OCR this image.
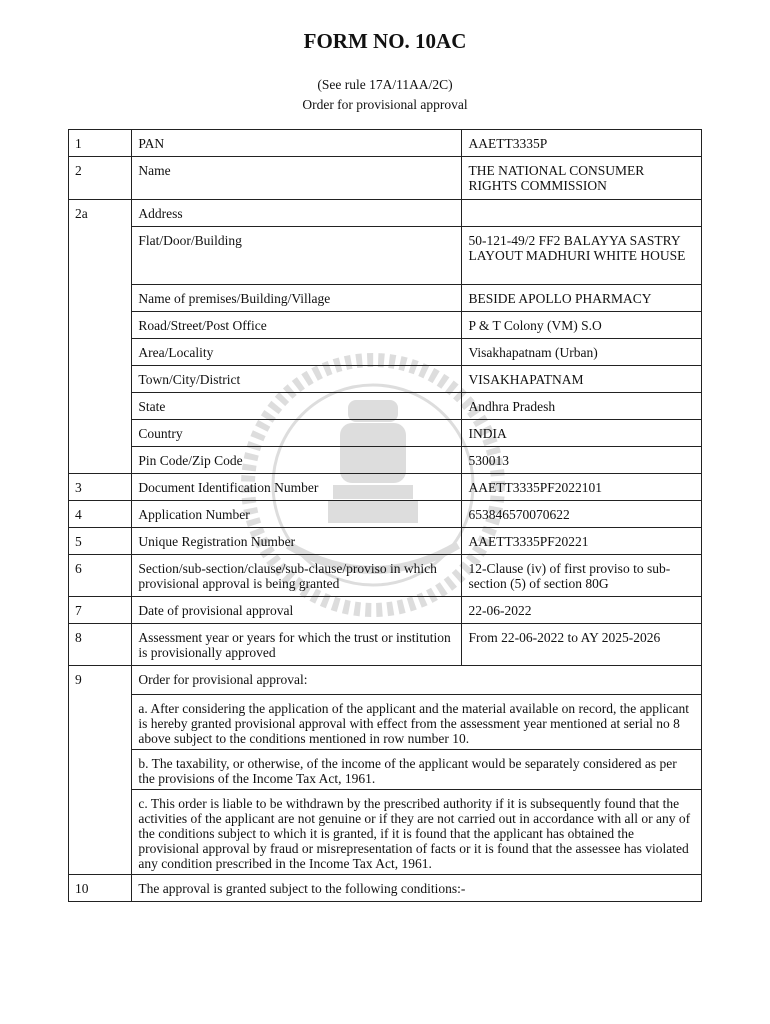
FORM NO. 10AC
(See rule 17A/11AA/2C)
Order for provisional approval
1	PAN	AAETT3335P
2	Name	THE NATIONAL CONSUMER RIGHTS COMMISSION
2a	Address	
	Flat/Door/Building	50-121-49/2 FF2 BALAYYA SASTRY LAYOUT MADHURI WHITE HOUSE
	Name of premises/Building/Village	BESIDE APOLLO PHARMACY
	Road/Street/Post Office	P & T Colony (VM) S.O
	Area/Locality	Visakhapatnam (Urban)
	Town/City/District	VISAKHAPATNAM
	State	Andhra Pradesh
	Country	INDIA
	Pin Code/Zip Code	530013
3	Document Identification Number	AAETT3335PF2022101
4	Application Number	653846570070622
5	Unique Registration Number	AAETT3335PF20221
6	Section/sub-section/clause/sub-clause/proviso in which provisional approval is being granted	12-Clause (iv) of first proviso to sub-section (5) of section 80G
7	Date of provisional approval	22-06-2022
8	Assessment year or years for which the trust or institution is provisionally approved	From 22-06-2022 to AY 2025-2026
9	Order for provisional approval:	
	a. After considering the application of the applicant and the material available on record, the applicant is hereby granted provisional approval with effect from the assessment year mentioned at serial no 8 above subject to the conditions mentioned in row number 10.	
	b. The taxability, or otherwise, of the income of the applicant would be separately considered as per the provisions of the Income Tax Act, 1961.	
	c. This order is liable to be withdrawn by the prescribed authority if it is subsequently found that the activities of the applicant are not genuine or if they are not carried out in accordance with all or any of the conditions subject to which it is granted, if it is found that the applicant has obtained the provisional approval by fraud or misrepresentation of facts or it is found that the assessee has violated any condition prescribed in the Income Tax Act, 1961.	
10	The approval is granted subject to the following conditions:-	
